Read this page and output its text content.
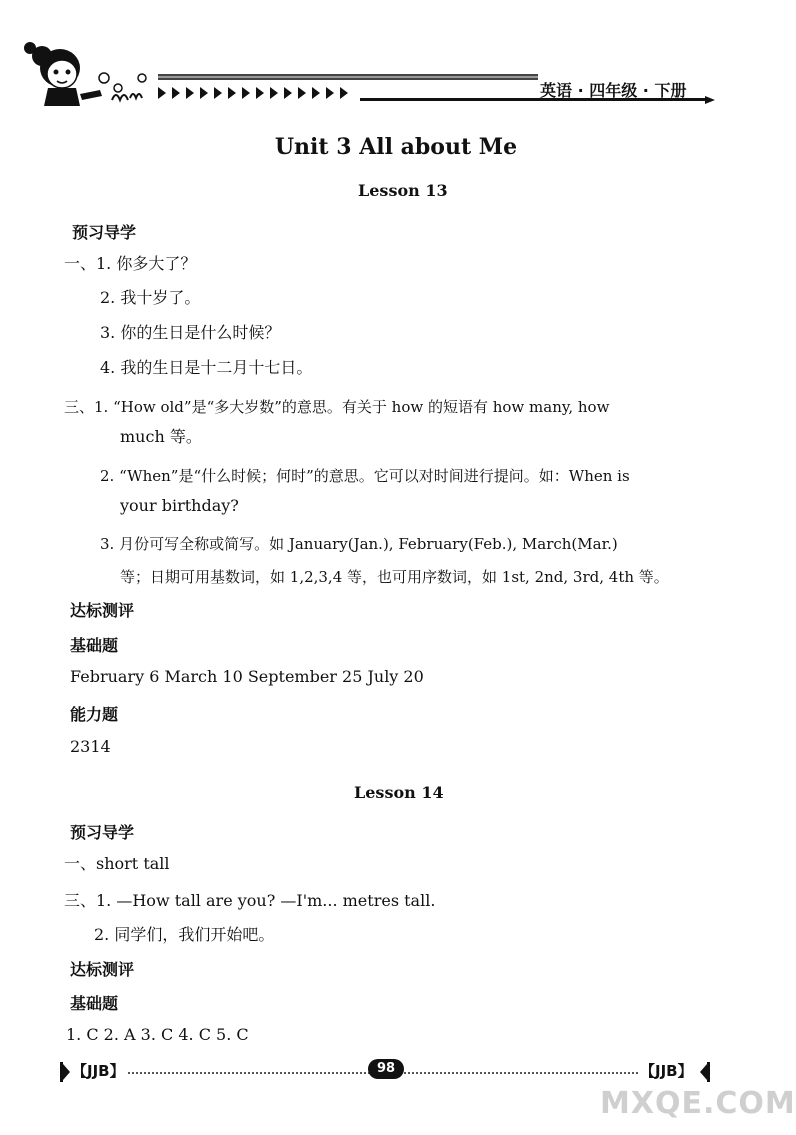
英语 · 四年级 · 下册
Unit 3 All about Me
Lesson 13
预习导学
一、1. 你多大了？
2. 我十岁了。
3. 你的生日是什么时候？
4. 我的生日是十二月十七日。
三、1. “How old”是“多大岁数”的意思。有关于 how 的短语有 how many, how
much 等。
2. “When”是“什么时候；何时”的意思。它可以对时间进行提问。如：When is
your birthday?
3. 月份可写全称或简写。如 January(Jan.), February(Feb.), March(Mar.)
等；日期可用基数词，如 1,2,3,4 等，也可用序数词，如 1st, 2nd, 3rd, 4th 等。
达标测评
基础题
February 6 March 10 September 25 July 20
能力题
2314
Lesson 14
预习导学
一、short tall
三、1. —How tall are you? —I'm... metres tall.
2. 同学们，我们开始吧。
达标测评
基础题
1. C 2. A 3. C 4. C 5. C
【JJB】	98	【JJB】
MXQE.COM
